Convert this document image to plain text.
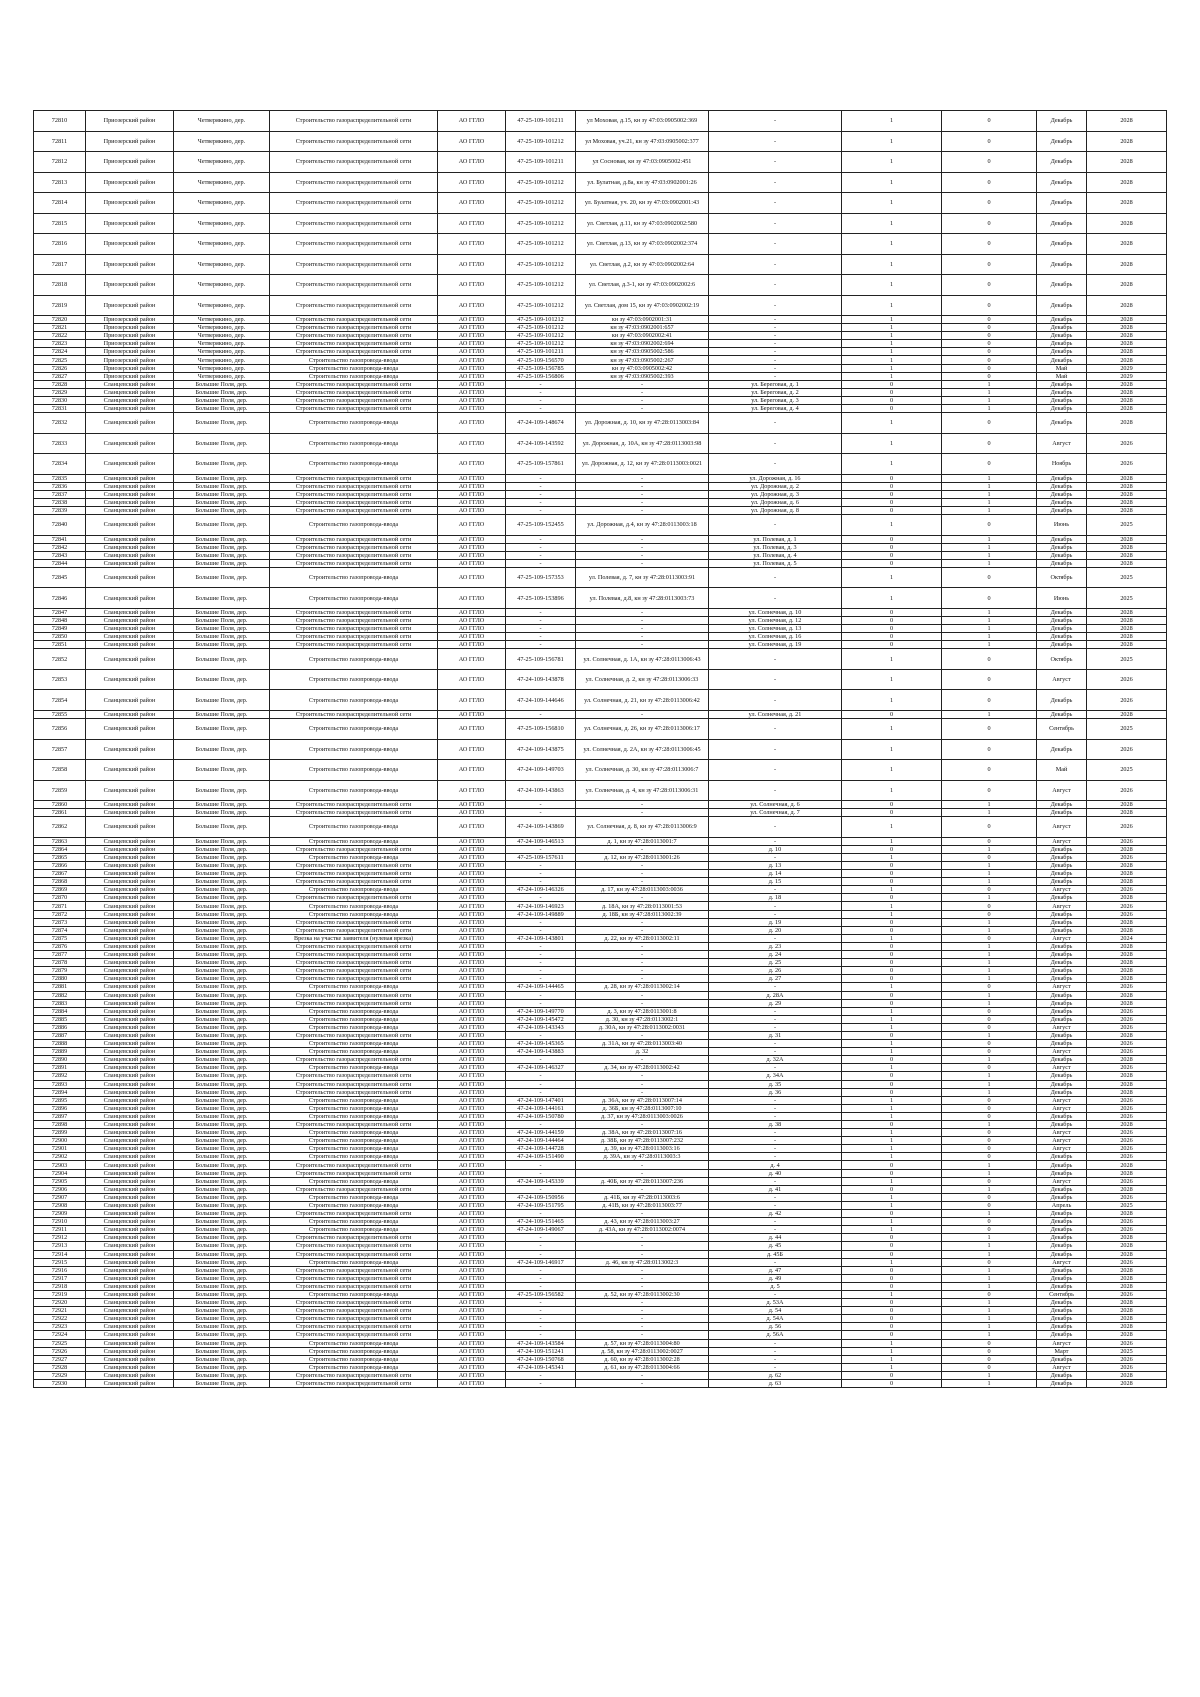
72810	Приозерский район	Четверякино, дер.	Строительство газораспределительной сети	АО ГГЛО	47-25-109-101211	ул Моховая, д.15, кн зу 47:03:0905002:369	-	1	0	Декабрь	2028
72811	Приозерский район	Четверякино, дер.	Строительство газораспределительной сети	АО ГГЛО	47-25-109-101212	ул Моховая, уч.21, кн зу 47:03:0905002:377	-	1	0	Декабрь	2028
72812	Приозерский район	Четверякино, дер.	Строительство газораспределительной сети	АО ГГЛО	47-25-109-101211	ул Сосновая, кн зу 47:03:0905002:451	-	1	0	Декабрь	2028
72813	Приозерский район	Четверякино, дер.	Строительство газораспределительной сети	АО ГГЛО	47-25-109-101212	ул. Булатная, д.8а, кн зу 47:03:0902001:26	-	1	0	Декабрь	2028
72814	Приозерский район	Четверякино, дер.	Строительство газораспределительной сети	АО ГГЛО	47-25-109-101212	ул. Булатная, уч. 20, кн зу 47:03:0902001:43	-	1	0	Декабрь	2028
72815	Приозерский район	Четверякино, дер.	Строительство газораспределительной сети	АО ГГЛО	47-25-109-101212	ул. Светлая, д.11, кн зу 47:03:0902002:580	-	1	0	Декабрь	2028
72816	Приозерский район	Четверякино, дер.	Строительство газораспределительной сети	АО ГГЛО	47-25-109-101212	ул. Светлая, д.13, кн зу 47:03:0902002:374	-	1	0	Декабрь	2028
72817	Приозерский район	Четверякино, дер.	Строительство газораспределительной сети	АО ГГЛО	47-25-109-101212	ул. Светлая, д.2, кн зу 47:03:0902002:64	-	1	0	Декабрь	2028
72818	Приозерский район	Четверякино, дер.	Строительство газораспределительной сети	АО ГГЛО	47-25-109-101212	ул. Светлая, д.3-1, кн зу 47:03:0902002:6	-	1	0	Декабрь	2028
72819	Приозерский район	Четверякино, дер.	Строительство газораспределительной сети	АО ГГЛО	47-25-109-101212	ул. Светлая, дом 15, кн зу 47:03:0902002:19	-	1	0	Декабрь	2028
72820	Приозерский район	Четверякино, дер.	Строительство газораспределительной сети	АО ГГЛО	47-25-109-101212	кн зу 47:03:0902001:31	-	1	0	Декабрь	2028
72821	Приозерский район	Четверякино, дер.	Строительство газораспределительной сети	АО ГГЛО	47-25-109-101212	кн зу 47:03:0902001:657	-	1	0	Декабрь	2028
72822	Приозерский район	Четверякино, дер.	Строительство газораспределительной сети	АО ГГЛО	47-25-109-101212	кн зу 47:03:0902002:41	-	1	0	Декабрь	2028
72823	Приозерский район	Четверякино, дер.	Строительство газораспределительной сети	АО ГГЛО	47-25-109-101212	кн зу 47:03:0902002:694	-	1	0	Декабрь	2028
72824	Приозерский район	Четверякино, дер.	Строительство газораспределительной сети	АО ГГЛО	47-25-109-101211	кн зу 47:03:0905002:586	-	1	0	Декабрь	2028
72825	Приозерский район	Четверякино, дер.	Строительство газопровода-ввода	АО ГГЛО	47-25-109-156570	кн зу 47:03:0905002:267	-	1	0	Декабрь	2028
72826	Приозерский район	Четверякино, дер.	Строительство газопровода-ввода	АО ГГЛО	47-25-109-156785	кн зу 47:03:0905002:42	-	1	0	Май	2029
72827	Приозерский район	Четверякино, дер.	Строительство газопровода-ввода	АО ГГЛО	47-25-109-156806	кн зу 47:03:0905002:393	-	1	0	Май	2029
72828	Сланцевский район	Большие Поля, дер.	Строительство газораспределительной сети	АО ГГЛО	-	-	ул. Береговая, д. 1	0	1	Декабрь	2028
72829	Сланцевский район	Большие Поля, дер.	Строительство газораспределительной сети	АО ГГЛО	-	-	ул. Береговая, д. 2	0	1	Декабрь	2028
72830	Сланцевский район	Большие Поля, дер.	Строительство газораспределительной сети	АО ГГЛО	-	-	ул. Береговая, д. 3	0	1	Декабрь	2028
72831	Сланцевский район	Большие Поля, дер.	Строительство газораспределительной сети	АО ГГЛО	-	-	ул. Береговая, д. 4	0	1	Декабрь	2028
72832	Сланцевский район	Большие Поля, дер.	Строительство газопровода-ввода	АО ГГЛО	47-24-109-148674	ул. Дорожная, д. 10, кн зу 47:28:0113003:84	-	1	0	Декабрь	2028
72833	Сланцевский район	Большие Поля, дер.	Строительство газопровода-ввода	АО ГГЛО	47-24-109-143592	ул. Дорожная, д. 10А, кн зу 47:28:0113003:98	-	1	0	Август	2026
72834	Сланцевский район	Большие Поля, дер.	Строительство газопровода-ввода	АО ГГЛО	47-25-109-157861	ул. Дорожная, д. 12, кн зу 47:28:0113003:0021	-	1	0	Ноябрь	2026
72835	Сланцевский район	Большие Поля, дер.	Строительство газораспределительной сети	АО ГГЛО	-	-	ул. Дорожная, д. 16	0	1	Декабрь	2028
72836	Сланцевский район	Большие Поля, дер.	Строительство газораспределительной сети	АО ГГЛО	-	-	ул. Дорожная, д. 2	0	1	Декабрь	2028
72837	Сланцевский район	Большие Поля, дер.	Строительство газораспределительной сети	АО ГГЛО	-	-	ул. Дорожная, д. 3	0	1	Декабрь	2028
72838	Сланцевский район	Большие Поля, дер.	Строительство газораспределительной сети	АО ГГЛО	-	-	ул. Дорожная, д. 6	0	1	Декабрь	2028
72839	Сланцевский район	Большие Поля, дер.	Строительство газораспределительной сети	АО ГГЛО	-	-	ул. Дорожная, д. 8	0	1	Декабрь	2028
72840	Сланцевский район	Большие Поля, дер.	Строительство газопровода-ввода	АО ГГЛО	47-25-109-152455	ул. Дорожная, д.4, кн зу 47:28:0113003:18	-	1	0	Июнь	2025
72841	Сланцевский район	Большие Поля, дер.	Строительство газораспределительной сети	АО ГГЛО	-	-	ул. Полевая, д. 1	0	1	Декабрь	2028
72842	Сланцевский район	Большие Поля, дер.	Строительство газораспределительной сети	АО ГГЛО	-	-	ул. Полевая, д. 3	0	1	Декабрь	2028
72843	Сланцевский район	Большие Поля, дер.	Строительство газораспределительной сети	АО ГГЛО	-	-	ул. Полевая, д. 4	0	1	Декабрь	2028
72844	Сланцевский район	Большие Поля, дер.	Строительство газораспределительной сети	АО ГГЛО	-	-	ул. Полевая, д. 5	0	1	Декабрь	2028
72845	Сланцевский район	Большие Поля, дер.	Строительство газопровода-ввода	АО ГГЛО	47-25-109-157353	ул. Полевая, д. 7, кн зу 47:28:0113003:91	-	1	0	Октябрь	2025
72846	Сланцевский район	Большие Поля, дер.	Строительство газопровода-ввода	АО ГГЛО	47-25-109-153896	ул. Полевая, д.8, кн зу 47:28:0113003:73	-	1	0	Июнь	2025
72847	Сланцевский район	Большие Поля, дер.	Строительство газораспределительной сети	АО ГГЛО	-	-	ул. Солнечная, д. 10	0	1	Декабрь	2028
72848	Сланцевский район	Большие Поля, дер.	Строительство газораспределительной сети	АО ГГЛО	-	-	ул. Солнечная, д. 12	0	1	Декабрь	2028
72849	Сланцевский район	Большие Поля, дер.	Строительство газораспределительной сети	АО ГГЛО	-	-	ул. Солнечная, д. 13	0	1	Декабрь	2028
72850	Сланцевский район	Большие Поля, дер.	Строительство газораспределительной сети	АО ГГЛО	-	-	ул. Солнечная, д. 16	0	1	Декабрь	2028
72851	Сланцевский район	Большие Поля, дер.	Строительство газораспределительной сети	АО ГГЛО	-	-	ул. Солнечная, д. 19	0	1	Декабрь	2028
72852	Сланцевский район	Большие Поля, дер.	Строительство газопровода-ввода	АО ГГЛО	47-25-109-156781	ул. Солнечная, д. 1А, кн зу 47:28:0113006:43	-	1	0	Октябрь	2025
72853	Сланцевский район	Большие Поля, дер.	Строительство газопровода-ввода	АО ГГЛО	47-24-109-143878	ул. Солнечная, д. 2, кн зу 47:28:0113006:33	-	1	0	Август	2026
72854	Сланцевский район	Большие Поля, дер.	Строительство газопровода-ввода	АО ГГЛО	47-24-109-144646	ул. Солнечная, д. 21, кн зу 47:28:0113006:42	-	1	0	Декабрь	2026
72855	Сланцевский район	Большие Поля, дер.	Строительство газораспределительной сети	АО ГГЛО	-	-	ул. Солнечная, д. 21	0	1	Декабрь	2028
72856	Сланцевский район	Большие Поля, дер.	Строительство газопровода-ввода	АО ГГЛО	47-25-109-156810	ул. Солнечная, д. 26, кн зу 47:28:0113006:17	-	1	0	Сентябрь	2025
72857	Сланцевский район	Большие Поля, дер.	Строительство газопровода-ввода	АО ГГЛО	47-24-109-143875	ул. Солнечная, д. 2А, кн зу 47:28:0113006:45	-	1	0	Декабрь	2026
72858	Сланцевский район	Большие Поля, дер.	Строительство газопровода-ввода	АО ГГЛО	47-24-109-149703	ул. Солнечная, д. 30, кн зу 47:28:0113006:7	-	1	0	Май	2025
72859	Сланцевский район	Большие Поля, дер.	Строительство газопровода-ввода	АО ГГЛО	47-24-109-143863	ул. Солнечная, д. 4, кн зу 47:28:0113006:31	-	1	0	Август	2026
72860	Сланцевский район	Большие Поля, дер.	Строительство газораспределительной сети	АО ГГЛО	-	-	ул. Солнечная, д. 6	0	1	Декабрь	2028
72861	Сланцевский район	Большие Поля, дер.	Строительство газораспределительной сети	АО ГГЛО	-	-	ул. Солнечная, д. 7	0	1	Декабрь	2028
72862	Сланцевский район	Большие Поля, дер.	Строительство газопровода-ввода	АО ГГЛО	47-24-109-143869	ул. Солнечная, д. 8, кн зу 47:28:0113006:9	-	1	0	Август	2026
72863	Сланцевский район	Большие Поля, дер.	Строительство газопровода-ввода	АО ГГЛО	47-24-109-146513	д. 1, кн зу 47:28:0113001:7	-	1	0	Август	2026
72864	Сланцевский район	Большие Поля, дер.	Строительство газораспределительной сети	АО ГГЛО	-	-	д. 10	0	1	Декабрь	2028
72865	Сланцевский район	Большие Поля, дер.	Строительство газопровода-ввода	АО ГГЛО	47-25-109-157611	д. 12, кн зу 47:28:0113001:26	-	1	0	Декабрь	2026
72866	Сланцевский район	Большие Поля, дер.	Строительство газораспределительной сети	АО ГГЛО	-	-	д. 13	0	1	Декабрь	2028
72867	Сланцевский район	Большие Поля, дер.	Строительство газораспределительной сети	АО ГГЛО	-	-	д. 14	0	1	Декабрь	2028
72868	Сланцевский район	Большие Поля, дер.	Строительство газораспределительной сети	АО ГГЛО	-	-	д. 15	0	1	Декабрь	2028
72869	Сланцевский район	Большие Поля, дер.	Строительство газопровода-ввода	АО ГГЛО	47-24-109-146326	д. 17, кн зу 47:28:0113003:0036	-	1	0	Август	2026
72870	Сланцевский район	Большие Поля, дер.	Строительство газораспределительной сети	АО ГГЛО	-	-	д. 18	0	1	Декабрь	2028
72871	Сланцевский район	Большие Поля, дер.	Строительство газопровода-ввода	АО ГГЛО	47-24-109-146923	д. 18А, кн зу 47:28:0113001:53	-	1	0	Август	2026
72872	Сланцевский район	Большие Поля, дер.	Строительство газопровода-ввода	АО ГГЛО	47-24-109-149889	д. 18Б, кн зу 47:28:0113002:39	-	1	0	Декабрь	2026
72873	Сланцевский район	Большие Поля, дер.	Строительство газораспределительной сети	АО ГГЛО	-	-	д. 19	0	1	Декабрь	2028
72874	Сланцевский район	Большие Поля, дер.	Строительство газораспределительной сети	АО ГГЛО	-	-	д. 20	0	1	Декабрь	2028
72875	Сланцевский район	Большие Поля, дер.	Врезка на участке заявителя (нулевая врезка)	АО ГГЛО	47-24-109-143801	д. 22, кн зу 47:28:0113002:11	-	1	0	Август	2024
72876	Сланцевский район	Большие Поля, дер.	Строительство газораспределительной сети	АО ГГЛО	-	-	д. 23	0	1	Декабрь	2028
72877	Сланцевский район	Большие Поля, дер.	Строительство газораспределительной сети	АО ГГЛО	-	-	д. 24	0	1	Декабрь	2028
72878	Сланцевский район	Большие Поля, дер.	Строительство газораспределительной сети	АО ГГЛО	-	-	д. 25	0	1	Декабрь	2028
72879	Сланцевский район	Большие Поля, дер.	Строительство газораспределительной сети	АО ГГЛО	-	-	д. 26	0	1	Декабрь	2028
72880	Сланцевский район	Большие Поля, дер.	Строительство газораспределительной сети	АО ГГЛО	-	-	д. 27	0	1	Декабрь	2028
72881	Сланцевский район	Большие Поля, дер.	Строительство газопровода-ввода	АО ГГЛО	47-24-109-144465	д. 28, кн зу 47:28:0113002:14	-	1	0	Август	2026
72882	Сланцевский район	Большие Поля, дер.	Строительство газораспределительной сети	АО ГГЛО	-	-	д. 28А	0	1	Декабрь	2028
72883	Сланцевский район	Большие Поля, дер.	Строительство газораспределительной сети	АО ГГЛО	-	-	д. 29	0	1	Декабрь	2028
72884	Сланцевский район	Большие Поля, дер.	Строительство газопровода-ввода	АО ГГЛО	47-24-109-149770	д. 3, кн зу 47:28:0113001:8	-	1	0	Декабрь	2026
72885	Сланцевский район	Большие Поля, дер.	Строительство газопровода-ввода	АО ГГЛО	47-24-109-145472	д. 30, кн зу 47:28:0113002:1	-	1	0	Декабрь	2026
72886	Сланцевский район	Большие Поля, дер.	Строительство газопровода-ввода	АО ГГЛО	47-24-109-143343	д. 30А, кн зу 47:28:0113002:0031	-	1	0	Август	2026
72887	Сланцевский район	Большие Поля, дер.	Строительство газораспределительной сети	АО ГГЛО	-	-	д. 31	0	1	Декабрь	2028
72888	Сланцевский район	Большие Поля, дер.	Строительство газопровода-ввода	АО ГГЛО	47-24-109-145365	д. 31А, кн зу 47:28:0113003:40	-	1	0	Декабрь	2026
72889	Сланцевский район	Большие Поля, дер.	Строительство газопровода-ввода	АО ГГЛО	47-24-109-143883	д. 32	-	1	0	Август	2026
72890	Сланцевский район	Большие Поля, дер.	Строительство газораспределительной сети	АО ГГЛО	-	-	д. 32А	0	1	Декабрь	2028
72891	Сланцевский район	Большие Поля, дер.	Строительство газопровода-ввода	АО ГГЛО	47-24-109-146327	д. 34, кн зу 47:28:0113002:42	-	1	0	Август	2026
72892	Сланцевский район	Большие Поля, дер.	Строительство газораспределительной сети	АО ГГЛО	-	-	д. 34А	0	1	Декабрь	2028
72893	Сланцевский район	Большие Поля, дер.	Строительство газораспределительной сети	АО ГГЛО	-	-	д. 35	0	1	Декабрь	2028
72894	Сланцевский район	Большие Поля, дер.	Строительство газораспределительной сети	АО ГГЛО	-	-	д. 36	0	1	Декабрь	2028
72895	Сланцевский район	Большие Поля, дер.	Строительство газопровода-ввода	АО ГГЛО	47-24-109-147401	д. 36А, кн зу 47:28:0113007:14	-	1	0	Август	2026
72896	Сланцевский район	Большие Поля, дер.	Строительство газопровода-ввода	АО ГГЛО	47-24-109-144161	д. 36Б, кн зу 47:28:0113007:10	-	1	0	Август	2026
72897	Сланцевский район	Большие Поля, дер.	Строительство газопровода-ввода	АО ГГЛО	47-24-109-150780	д. 37, кн зу 47:28:0113003:0026	-	1	0	Декабрь	2026
72898	Сланцевский район	Большие Поля, дер.	Строительство газораспределительной сети	АО ГГЛО	-	-	д. 38	0	1	Декабрь	2028
72899	Сланцевский район	Большие Поля, дер.	Строительство газопровода-ввода	АО ГГЛО	47-24-109-144159	д. 38А, кн зу 47:28:0113007:16	-	1	0	Август	2026
72900	Сланцевский район	Большие Поля, дер.	Строительство газопровода-ввода	АО ГГЛО	47-24-109-144464	д. 38Б, кн зу 47:28:0113007:232	-	1	0	Август	2026
72901	Сланцевский район	Большие Поля, дер.	Строительство газопровода-ввода	АО ГГЛО	47-24-109-144728	д. 39, кн зу 47:28:0113003:16	-	1	0	Август	2026
72902	Сланцевский район	Большие Поля, дер.	Строительство газопровода-ввода	АО ГГЛО	47-24-109-151490	д. 39А, кн зу 47:28:0113003:3	-	1	0	Декабрь	2026
72903	Сланцевский район	Большие Поля, дер.	Строительство газораспределительной сети	АО ГГЛО	-	-	д. 4	0	1	Декабрь	2028
72904	Сланцевский район	Большие Поля, дер.	Строительство газораспределительной сети	АО ГГЛО	-	-	д. 40	0	1	Декабрь	2028
72905	Сланцевский район	Большие Поля, дер.	Строительство газопровода-ввода	АО ГГЛО	47-24-109-145339	д. 40Б, кн зу 47:28:0113007:236	-	1	0	Август	2026
72906	Сланцевский район	Большие Поля, дер.	Строительство газораспределительной сети	АО ГГЛО	-	-	д. 41	0	1	Декабрь	2028
72907	Сланцевский район	Большие Поля, дер.	Строительство газопровода-ввода	АО ГГЛО	47-24-109-150956	д. 41Б, кн зу 47:28:0113003:6	-	1	0	Декабрь	2026
72908	Сланцевский район	Большие Поля, дер.	Строительство газопровода-ввода	АО ГГЛО	47-24-109-151795	д. 41В, кн зу 47:28:0113003:77	-	1	0	Апрель	2025
72909	Сланцевский район	Большие Поля, дер.	Строительство газораспределительной сети	АО ГГЛО	-	-	д. 42	0	1	Декабрь	2028
72910	Сланцевский район	Большие Поля, дер.	Строительство газопровода-ввода	АО ГГЛО	47-24-109-151465	д. 43, кн зу 47:28:0113003:27	-	1	0	Декабрь	2026
72911	Сланцевский район	Большие Поля, дер.	Строительство газопровода-ввода	АО ГГЛО	47-24-109-149067	д. 43А, кн зу 47:28:0113002:0074	-	1	0	Декабрь	2026
72912	Сланцевский район	Большие Поля, дер.	Строительство газораспределительной сети	АО ГГЛО	-	-	д. 44	0	1	Декабрь	2028
72913	Сланцевский район	Большие Поля, дер.	Строительство газораспределительной сети	АО ГГЛО	-	-	д. 45	0	1	Декабрь	2028
72914	Сланцевский район	Большие Поля, дер.	Строительство газораспределительной сети	АО ГГЛО	-	-	д. 45Б	0	1	Декабрь	2028
72915	Сланцевский район	Большие Поля, дер.	Строительство газопровода-ввода	АО ГГЛО	47-24-109-146917	д. 46, кн зу 47:28:0113002:3	-	1	0	Август	2026
72916	Сланцевский район	Большие Поля, дер.	Строительство газораспределительной сети	АО ГГЛО	-	-	д. 47	0	1	Декабрь	2028
72917	Сланцевский район	Большие Поля, дер.	Строительство газораспределительной сети	АО ГГЛО	-	-	д. 49	0	1	Декабрь	2028
72918	Сланцевский район	Большие Поля, дер.	Строительство газораспределительной сети	АО ГГЛО	-	-	д. 5	0	1	Декабрь	2028
72919	Сланцевский район	Большие Поля, дер.	Строительство газопровода-ввода	АО ГГЛО	47-25-109-156582	д. 52, кн зу 47:28:0113002:30	-	1	0	Сентябрь	2026
72920	Сланцевский район	Большие Поля, дер.	Строительство газораспределительной сети	АО ГГЛО	-	-	д. 53А	0	1	Декабрь	2028
72921	Сланцевский район	Большие Поля, дер.	Строительство газораспределительной сети	АО ГГЛО	-	-	д. 54	0	1	Декабрь	2028
72922	Сланцевский район	Большие Поля, дер.	Строительство газораспределительной сети	АО ГГЛО	-	-	д. 54А	0	1	Декабрь	2028
72923	Сланцевский район	Большие Поля, дер.	Строительство газораспределительной сети	АО ГГЛО	-	-	д. 56	0	1	Декабрь	2028
72924	Сланцевский район	Большие Поля, дер.	Строительство газораспределительной сети	АО ГГЛО	-	-	д. 56А	0	1	Декабрь	2028
72925	Сланцевский район	Большие Поля, дер.	Строительство газопровода-ввода	АО ГГЛО	47-24-109-143584	д. 57, кн зу 47:28:0113004:80	-	1	0	Август	2026
72926	Сланцевский район	Большие Поля, дер.	Строительство газопровода-ввода	АО ГГЛО	47-24-109-151241	д. 58, кн зу 47:28:0113002:0027	-	1	0	Март	2025
72927	Сланцевский район	Большие Поля, дер.	Строительство газопровода-ввода	АО ГГЛО	47-24-109-150768	д. 60, кн зу 47:28:0113002:28	-	1	0	Декабрь	2026
72928	Сланцевский район	Большие Поля, дер.	Строительство газопровода-ввода	АО ГГЛО	47-24-109-145341	д. 61, кн зу 47:28:0113004:66	-	1	0	Август	2026
72929	Сланцевский район	Большие Поля, дер.	Строительство газораспределительной сети	АО ГГЛО	-	-	д. 62	0	1	Декабрь	2028
72930	Сланцевский район	Большие Поля, дер.	Строительство газораспределительной сети	АО ГГЛО	-	-	д. 63	0	1	Декабрь	2028
